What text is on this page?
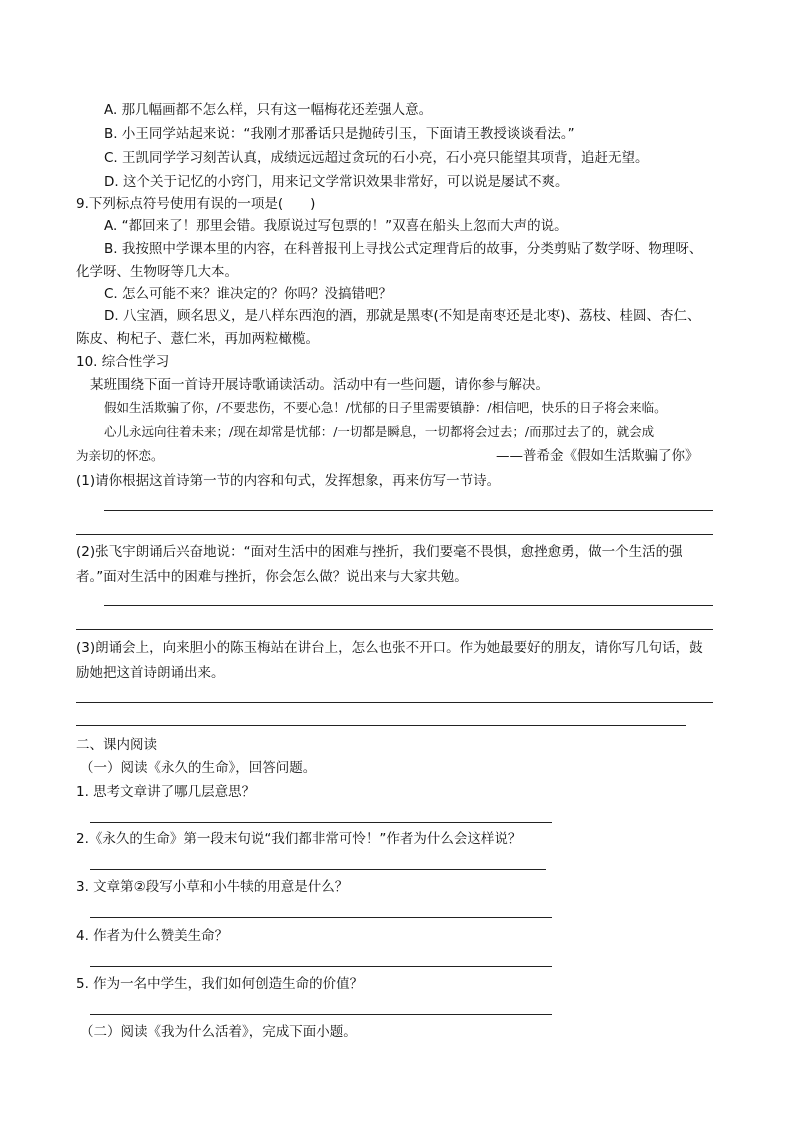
A. 那几幅画都不怎么样，只有这一幅梅花还差强人意。
B. 小王同学站起来说：“我刚才那番话只是抛砖引玉，下面请王教授谈谈看法。”
C. 王凯同学学习刻苦认真，成绩远远超过贪玩的石小亮，石小亮只能望其项背，追赶无望。
D. 这个关于记忆的小窍门，用来记文学常识效果非常好，可以说是屡试不爽。
9.下列标点符号使用有误的一项是(　　)
A. “都回来了！那里会错。我原说过写包票的！”双喜在船头上忽而大声的说。
B. 我按照中学课本里的内容，在科普报刊上寻找公式定理背后的故事，分类剪贴了数学呀、物理呀、
化学呀、生物呀等几大本。
C. 怎么可能不来？谁决定的？你吗？没搞错吧？
D. 八宝酒，顾名思义，是八样东西泡的酒，那就是黑枣(不知是南枣还是北枣)、荔枝、桂圆、杏仁、
陈皮、枸杞子、薏仁米，再加两粒橄榄。
10. 综合性学习
某班围绕下面一首诗开展诗歌诵读活动。活动中有一些问题，请你参与解决。
假如生活欺骗了你，/不要悲伤，不要心急！/忧郁的日子里需要镇静：/相信吧，快乐的日子将会来临。
心儿永远向往着未来；/现在却常是忧郁：/一切都是瞬息，一切都将会过去；/而那过去了的，就会成
为亲切的怀恋。	——普希金《假如生活欺骗了你》
(1)请你根据这首诗第一节的内容和句式，发挥想象，再来仿写一节诗。
(2)张飞宇朗诵后兴奋地说：“面对生活中的困难与挫折，我们要毫不畏惧，愈挫愈勇，做一个生活的强
者。”面对生活中的困难与挫折，你会怎么做？说出来与大家共勉。
(3)朗诵会上，向来胆小的陈玉梅站在讲台上，怎么也张不开口。作为她最要好的朋友，请你写几句话，鼓
励她把这首诗朗诵出来。
二、课内阅读
（一）阅读《永久的生命》，回答问题。
1. 思考文章讲了哪几层意思？
2.《永久的生命》第一段末句说“我们都非常可怜！”作者为什么会这样说？
3. 文章第②段写小草和小牛犊的用意是什么？
4. 作者为什么赞美生命？
5. 作为一名中学生，我们如何创造生命的价值？
（二）阅读《我为什么活着》，完成下面小题。
